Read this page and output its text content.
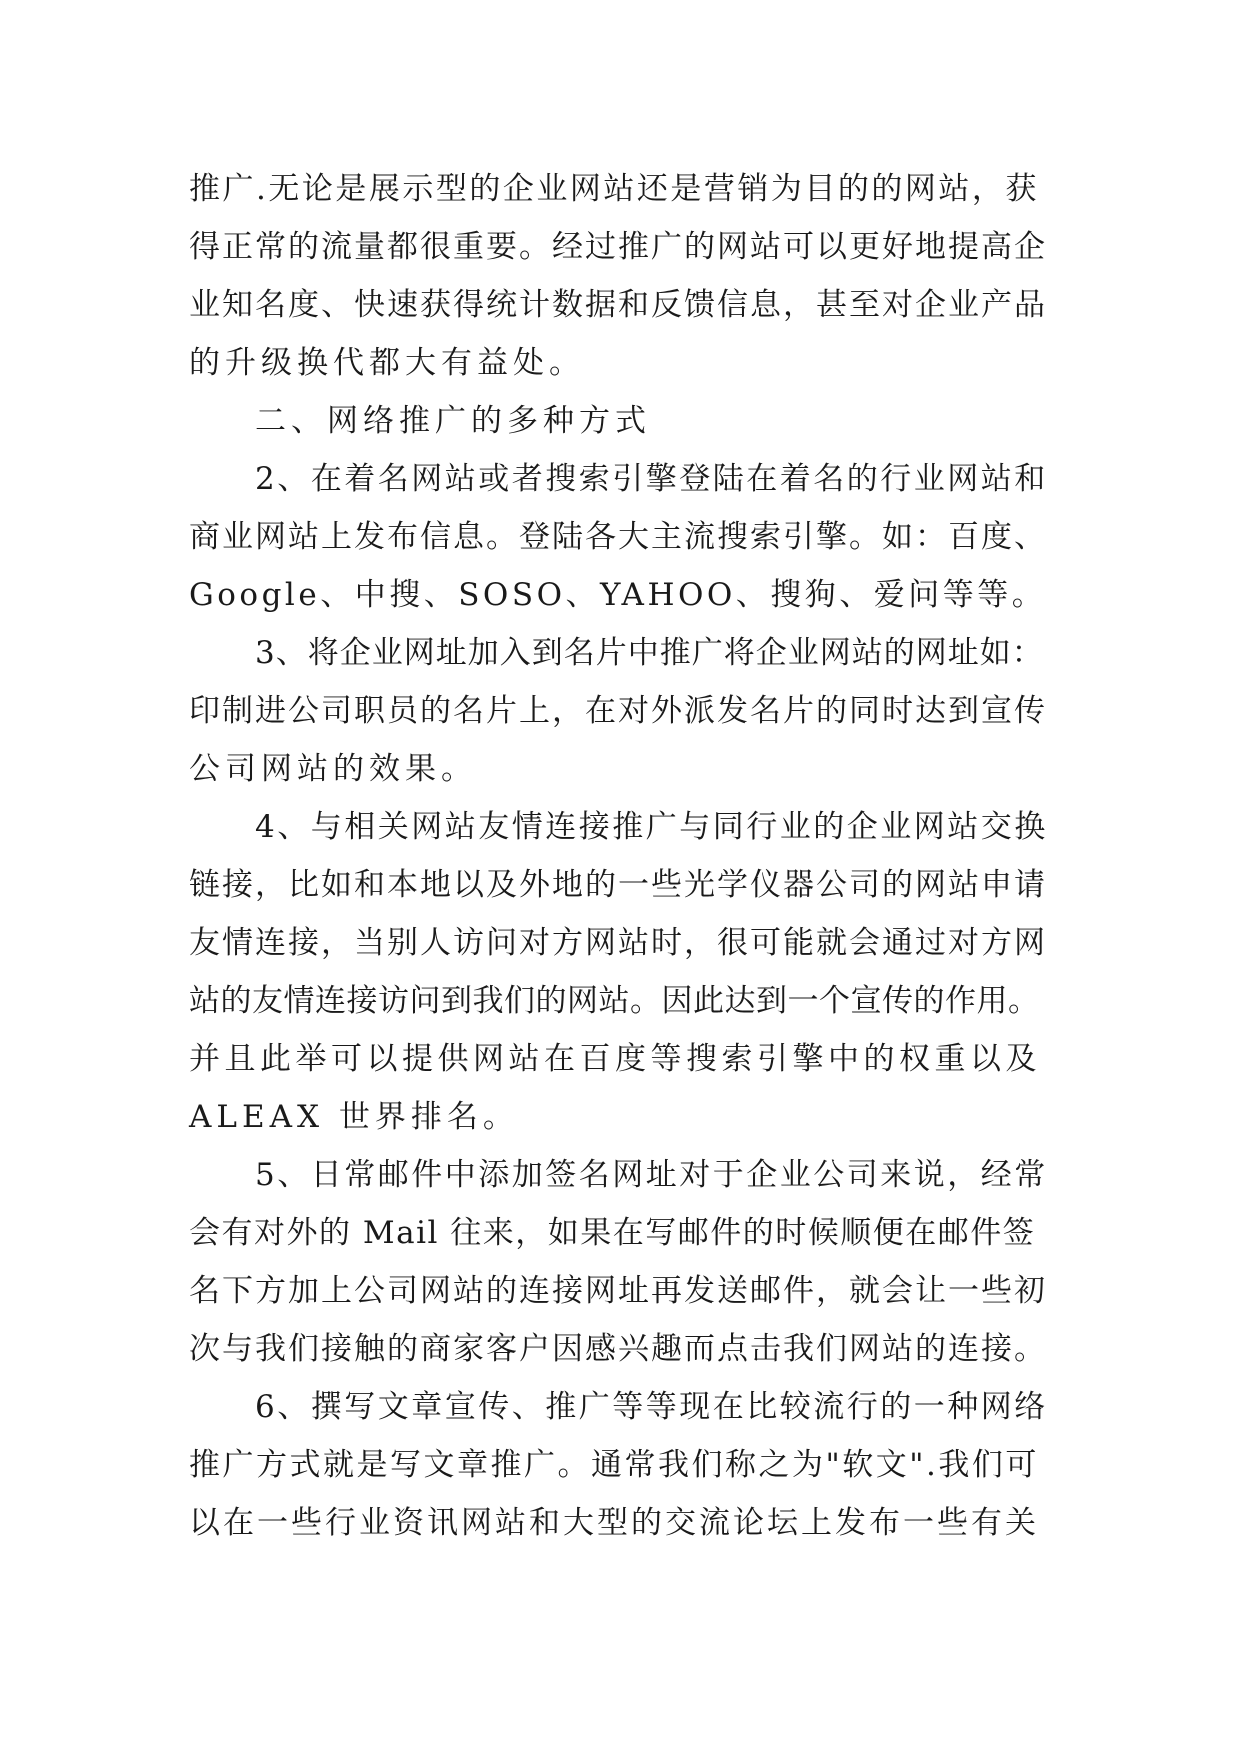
推广.无论是展示型的企业网站还是营销为目的的网站，获

得正常的流量都很重要。经过推广的网站可以更好地提高企

业知名度、快速获得统计数据和反馈信息，甚至对企业产品

的升级换代都大有益处。

二、网络推广的多种方式

2、在着名网站或者搜索引擎登陆在着名的行业网站和

商业网站上发布信息。登陆各大主流搜索引擎。如：百度、

Google、中搜、SOSO、YAHOO、搜狗、爱问等等。

3、将企业网址加入到名片中推广将企业网站的网址如：

印制进公司职员的名片上，在对外派发名片的同时达到宣传

公司网站的效果。

4、与相关网站友情连接推广与同行业的企业网站交换

链接，比如和本地以及外地的一些光学仪器公司的网站申请

友情连接，当别人访问对方网站时，很可能就会通过对方网

站的友情连接访问到我们的网站。因此达到一个宣传的作用。

并且此举可以提供网站在百度等搜索引擎中的权重以及

ALEAX 世界排名。

5、日常邮件中添加签名网址对于企业公司来说，经常

会有对外的 Mail 往来，如果在写邮件的时候顺便在邮件签

名下方加上公司网站的连接网址再发送邮件，就会让一些初

次与我们接触的商家客户因感兴趣而点击我们网站的连接。

6、撰写文章宣传、推广等等现在比较流行的一种网络

推广方式就是写文章推广。通常我们称之为"软文".我们可

以在一些行业资讯网站和大型的交流论坛上发布一些有关
